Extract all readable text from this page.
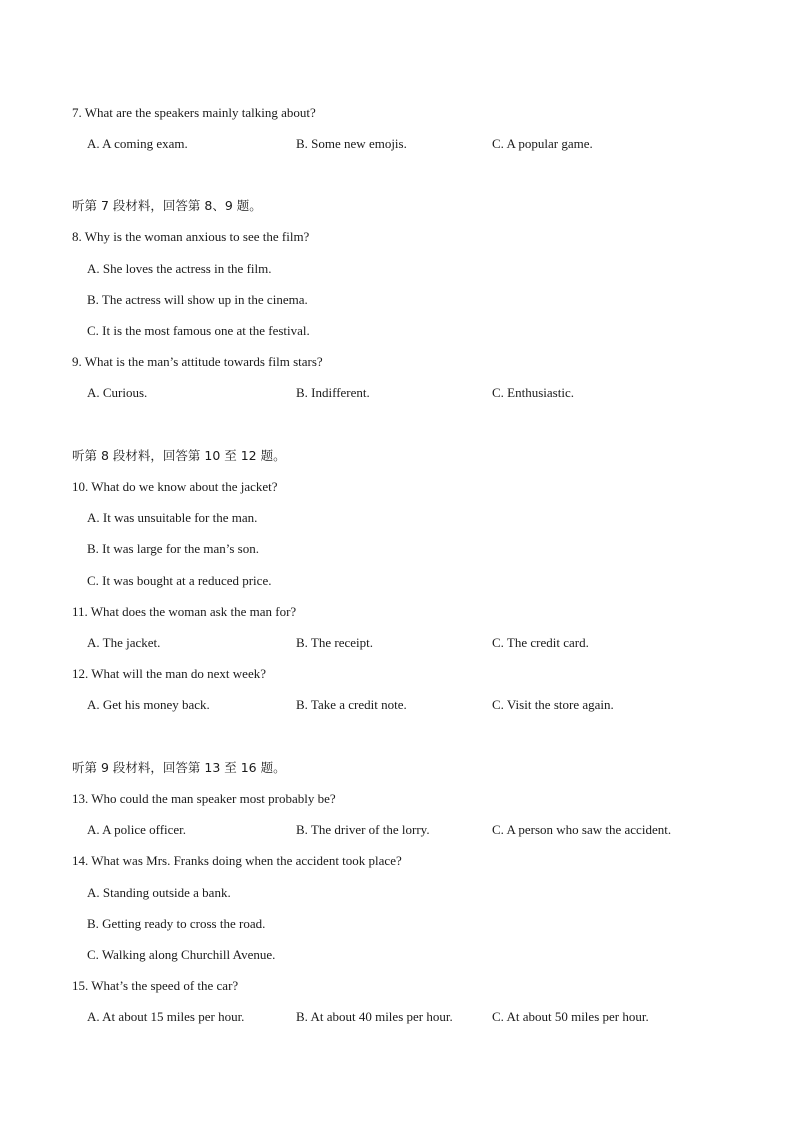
7. What are the speakers mainly talking about?
A. A coming exam.	B. Some new emojis.	C. A popular game.
听第 7 段材料，回答第 8、9 题。
8. Why is the woman anxious to see the film?
A. She loves the actress in the film.
B. The actress will show up in the cinema.
C. It is the most famous one at the festival.
9. What is the man’s attitude towards film stars?
A. Curious.	B. Indifferent.	C. Enthusiastic.
听第 8 段材料，回答第 10 至 12 题。
10. What do we know about the jacket?
A. It was unsuitable for the man.
B. It was large for the man’s son.
C. It was bought at a reduced price.
11. What does the woman ask the man for?
A. The jacket.	B. The receipt.	C. The credit card.
12. What will the man do next week?
A. Get his money back.	B. Take a credit note.	C. Visit the store again.
听第 9 段材料，回答第 13 至 16 题。
13. Who could the man speaker most probably be?
A. A police officer.	B. The driver of the lorry.	C. A person who saw the accident.
14. What was Mrs. Franks doing when the accident took place?
A. Standing outside a bank.
B. Getting ready to cross the road.
C. Walking along Churchill Avenue.
15. What’s the speed of the car?
A. At about 15 miles per hour.	B. At about 40 miles per hour.	C. At about 50 miles per hour.
